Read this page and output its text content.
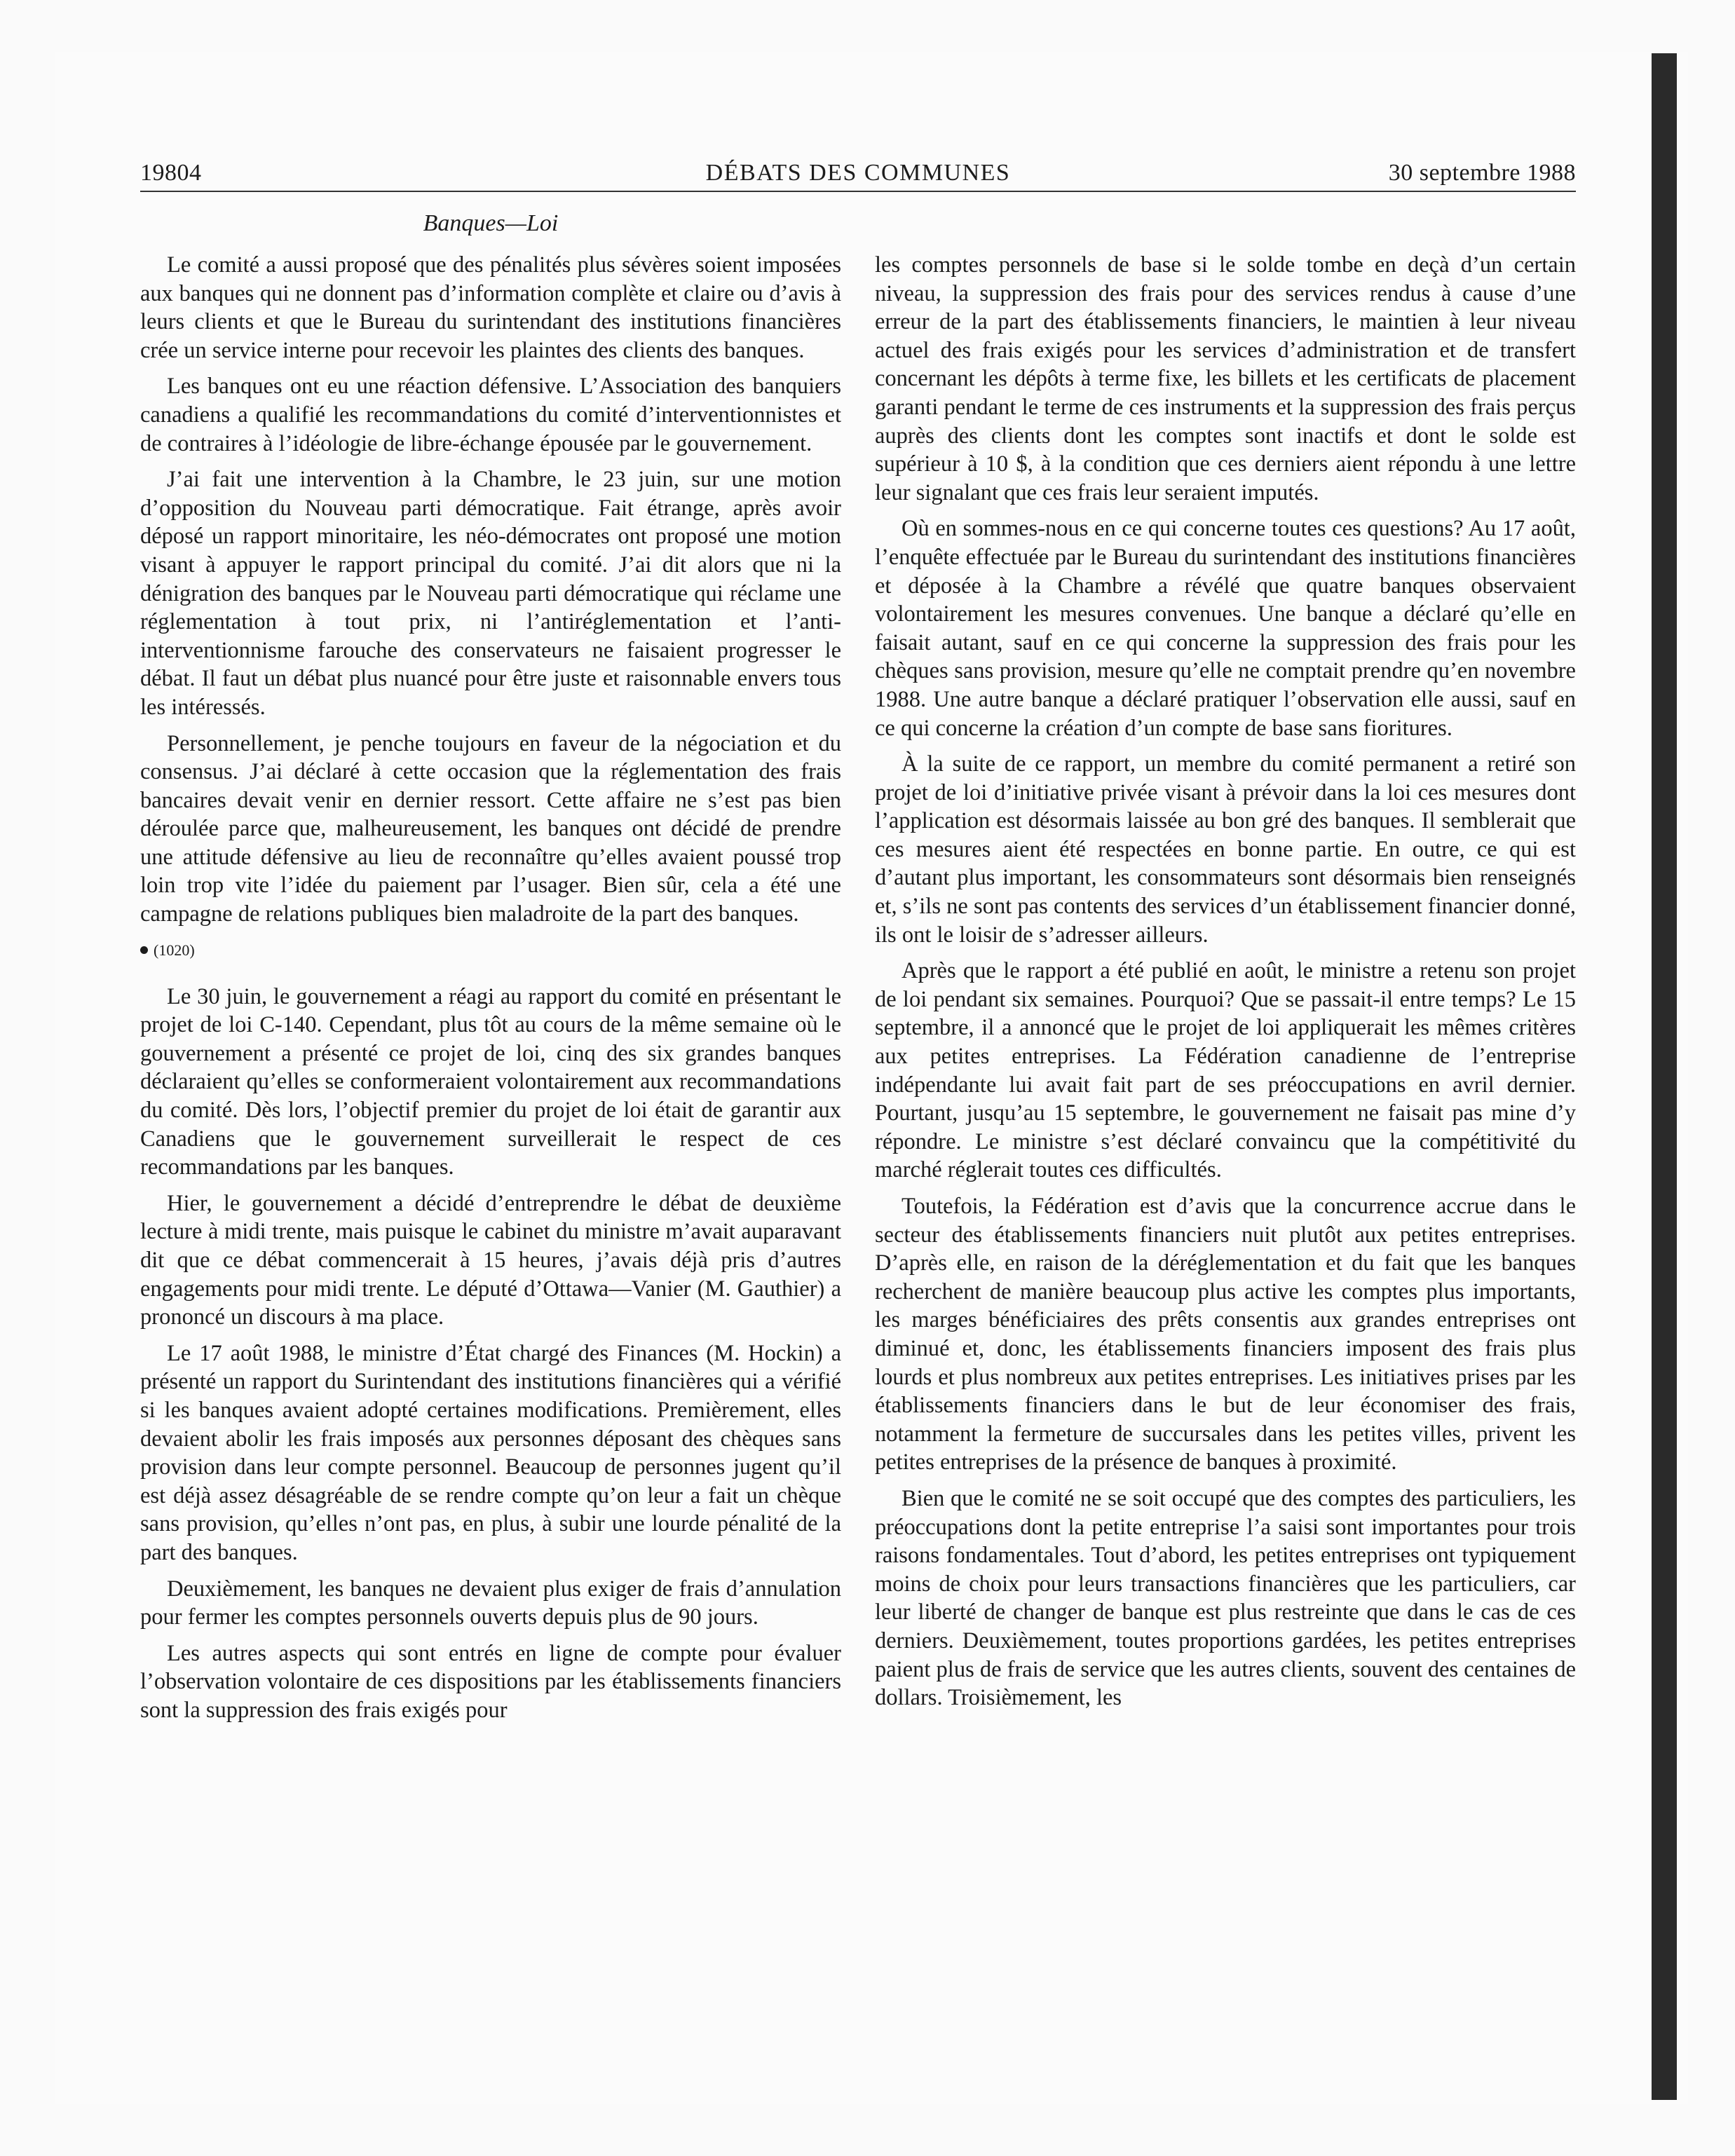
DÉBATS DES COMMUNES
19804	30 septembre 1988
Banques—Loi

Le comité a aussi proposé que des pénalités plus sévères soient imposées aux banques qui ne donnent pas d’information complète et claire ou d’avis à leurs clients et que le Bureau du surintendant des institutions financières crée un service interne pour recevoir les plaintes des clients des banques.

Les banques ont eu une réaction défensive. L’Association des banquiers canadiens a qualifié les recommandations du comité d’interventionnistes et de contraires à l’idéologie de libre-échange épousée par le gouvernement.

J’ai fait une intervention à la Chambre, le 23 juin, sur une motion d’opposition du Nouveau parti démocratique. Fait étrange, après avoir déposé un rapport minoritaire, les néo-démocrates ont proposé une motion visant à appuyer le rapport principal du comité. J’ai dit alors que ni la dénigration des banques par le Nouveau parti démocratique qui réclame une réglementation à tout prix, ni l’antiréglementation et l’anti-interventionnisme farouche des conservateurs ne faisaient progresser le débat. Il faut un débat plus nuancé pour être juste et raisonnable envers tous les intéressés.

Personnellement, je penche toujours en faveur de la négociation et du consensus. J’ai déclaré à cette occasion que la réglementation des frais bancaires devait venir en dernier ressort. Cette affaire ne s’est pas bien déroulée parce que, malheureusement, les banques ont décidé de prendre une attitude défensive au lieu de reconnaître qu’elles avaient poussé trop loin trop vite l’idée du paiement par l’usager. Bien sûr, cela a été une campagne de relations publiques bien maladroite de la part des banques.

(1020)

Le 30 juin, le gouvernement a réagi au rapport du comité en présentant le projet de loi C-140. Cependant, plus tôt au cours de la même semaine où le gouvernement a présenté ce projet de loi, cinq des six grandes banques déclaraient qu’elles se conformeraient volontairement aux recommandations du comité. Dès lors, l’objectif premier du projet de loi était de garantir aux Canadiens que le gouvernement surveillerait le respect de ces recommandations par les banques.

Hier, le gouvernement a décidé d’entreprendre le débat de deuxième lecture à midi trente, mais puisque le cabinet du ministre m’avait auparavant dit que ce débat commencerait à 15 heures, j’avais déjà pris d’autres engagements pour midi trente. Le député d’Ottawa—Vanier (M. Gauthier) a prononcé un discours à ma place.

Le 17 août 1988, le ministre d’État chargé des Finances (M. Hockin) a présenté un rapport du Surintendant des institutions financières qui a vérifié si les banques avaient adopté certaines modifications. Premièrement, elles devaient abolir les frais imposés aux personnes déposant des chèques sans provision dans leur compte personnel. Beaucoup de personnes jugent qu’il est déjà assez désagréable de se rendre compte qu’on leur a fait un chèque sans provision, qu’elles n’ont pas, en plus, à subir une lourde pénalité de la part des banques.

Deuxièmement, les banques ne devaient plus exiger de frais d’annulation pour fermer les comptes personnels ouverts depuis plus de 90 jours.

Les autres aspects qui sont entrés en ligne de compte pour évaluer l’observation volontaire de ces dispositions par les établissements financiers sont la suppression des frais exigés pour

les comptes personnels de base si le solde tombe en deçà d’un certain niveau, la suppression des frais pour des services rendus à cause d’une erreur de la part des établissements financiers, le maintien à leur niveau actuel des frais exigés pour les services d’administration et de transfert concernant les dépôts à terme fixe, les billets et les certificats de placement garanti pendant le terme de ces instruments et la suppression des frais perçus auprès des clients dont les comptes sont inactifs et dont le solde est supérieur à 10 $, à la condition que ces derniers aient répondu à une lettre leur signalant que ces frais leur seraient imputés.

Où en sommes-nous en ce qui concerne toutes ces questions? Au 17 août, l’enquête effectuée par le Bureau du surintendant des institutions financières et déposée à la Chambre a révélé que quatre banques observaient volontairement les mesures convenues. Une banque a déclaré qu’elle en faisait autant, sauf en ce qui concerne la suppression des frais pour les chèques sans provision, mesure qu’elle ne comptait prendre qu’en novembre 1988. Une autre banque a déclaré pratiquer l’observation elle aussi, sauf en ce qui concerne la création d’un compte de base sans fioritures.

À la suite de ce rapport, un membre du comité permanent a retiré son projet de loi d’initiative privée visant à prévoir dans la loi ces mesures dont l’application est désormais laissée au bon gré des banques. Il semblerait que ces mesures aient été respectées en bonne partie. En outre, ce qui est d’autant plus important, les consommateurs sont désormais bien renseignés et, s’ils ne sont pas contents des services d’un établissement financier donné, ils ont le loisir de s’adresser ailleurs.

Après que le rapport a été publié en août, le ministre a retenu son projet de loi pendant six semaines. Pourquoi? Que se passait-il entre temps? Le 15 septembre, il a annoncé que le projet de loi appliquerait les mêmes critères aux petites entreprises. La Fédération canadienne de l’entreprise indépendante lui avait fait part de ses préoccupations en avril dernier. Pourtant, jusqu’au 15 septembre, le gouvernement ne faisait pas mine d’y répondre. Le ministre s’est déclaré convaincu que la compétitivité du marché réglerait toutes ces difficultés.

Toutefois, la Fédération est d’avis que la concurrence accrue dans le secteur des établissements financiers nuit plutôt aux petites entreprises. D’après elle, en raison de la déréglementation et du fait que les banques recherchent de manière beaucoup plus active les comptes plus importants, les marges bénéficiaires des prêts consentis aux grandes entreprises ont diminué et, donc, les établissements financiers imposent des frais plus lourds et plus nombreux aux petites entreprises. Les initiatives prises par les établissements financiers dans le but de leur économiser des frais, notamment la fermeture de succursales dans les petites villes, privent les petites entreprises de la présence de banques à proximité.

Bien que le comité ne se soit occupé que des comptes des particuliers, les préoccupations dont la petite entreprise l’a saisi sont importantes pour trois raisons fondamentales. Tout d’abord, les petites entreprises ont typiquement moins de choix pour leurs transactions financières que les particuliers, car leur liberté de changer de banque est plus restreinte que dans le cas de ces derniers. Deuxièmement, toutes proportions gardées, les petites entreprises paient plus de frais de service que les autres clients, souvent des centaines de dollars. Troisièmement, les
